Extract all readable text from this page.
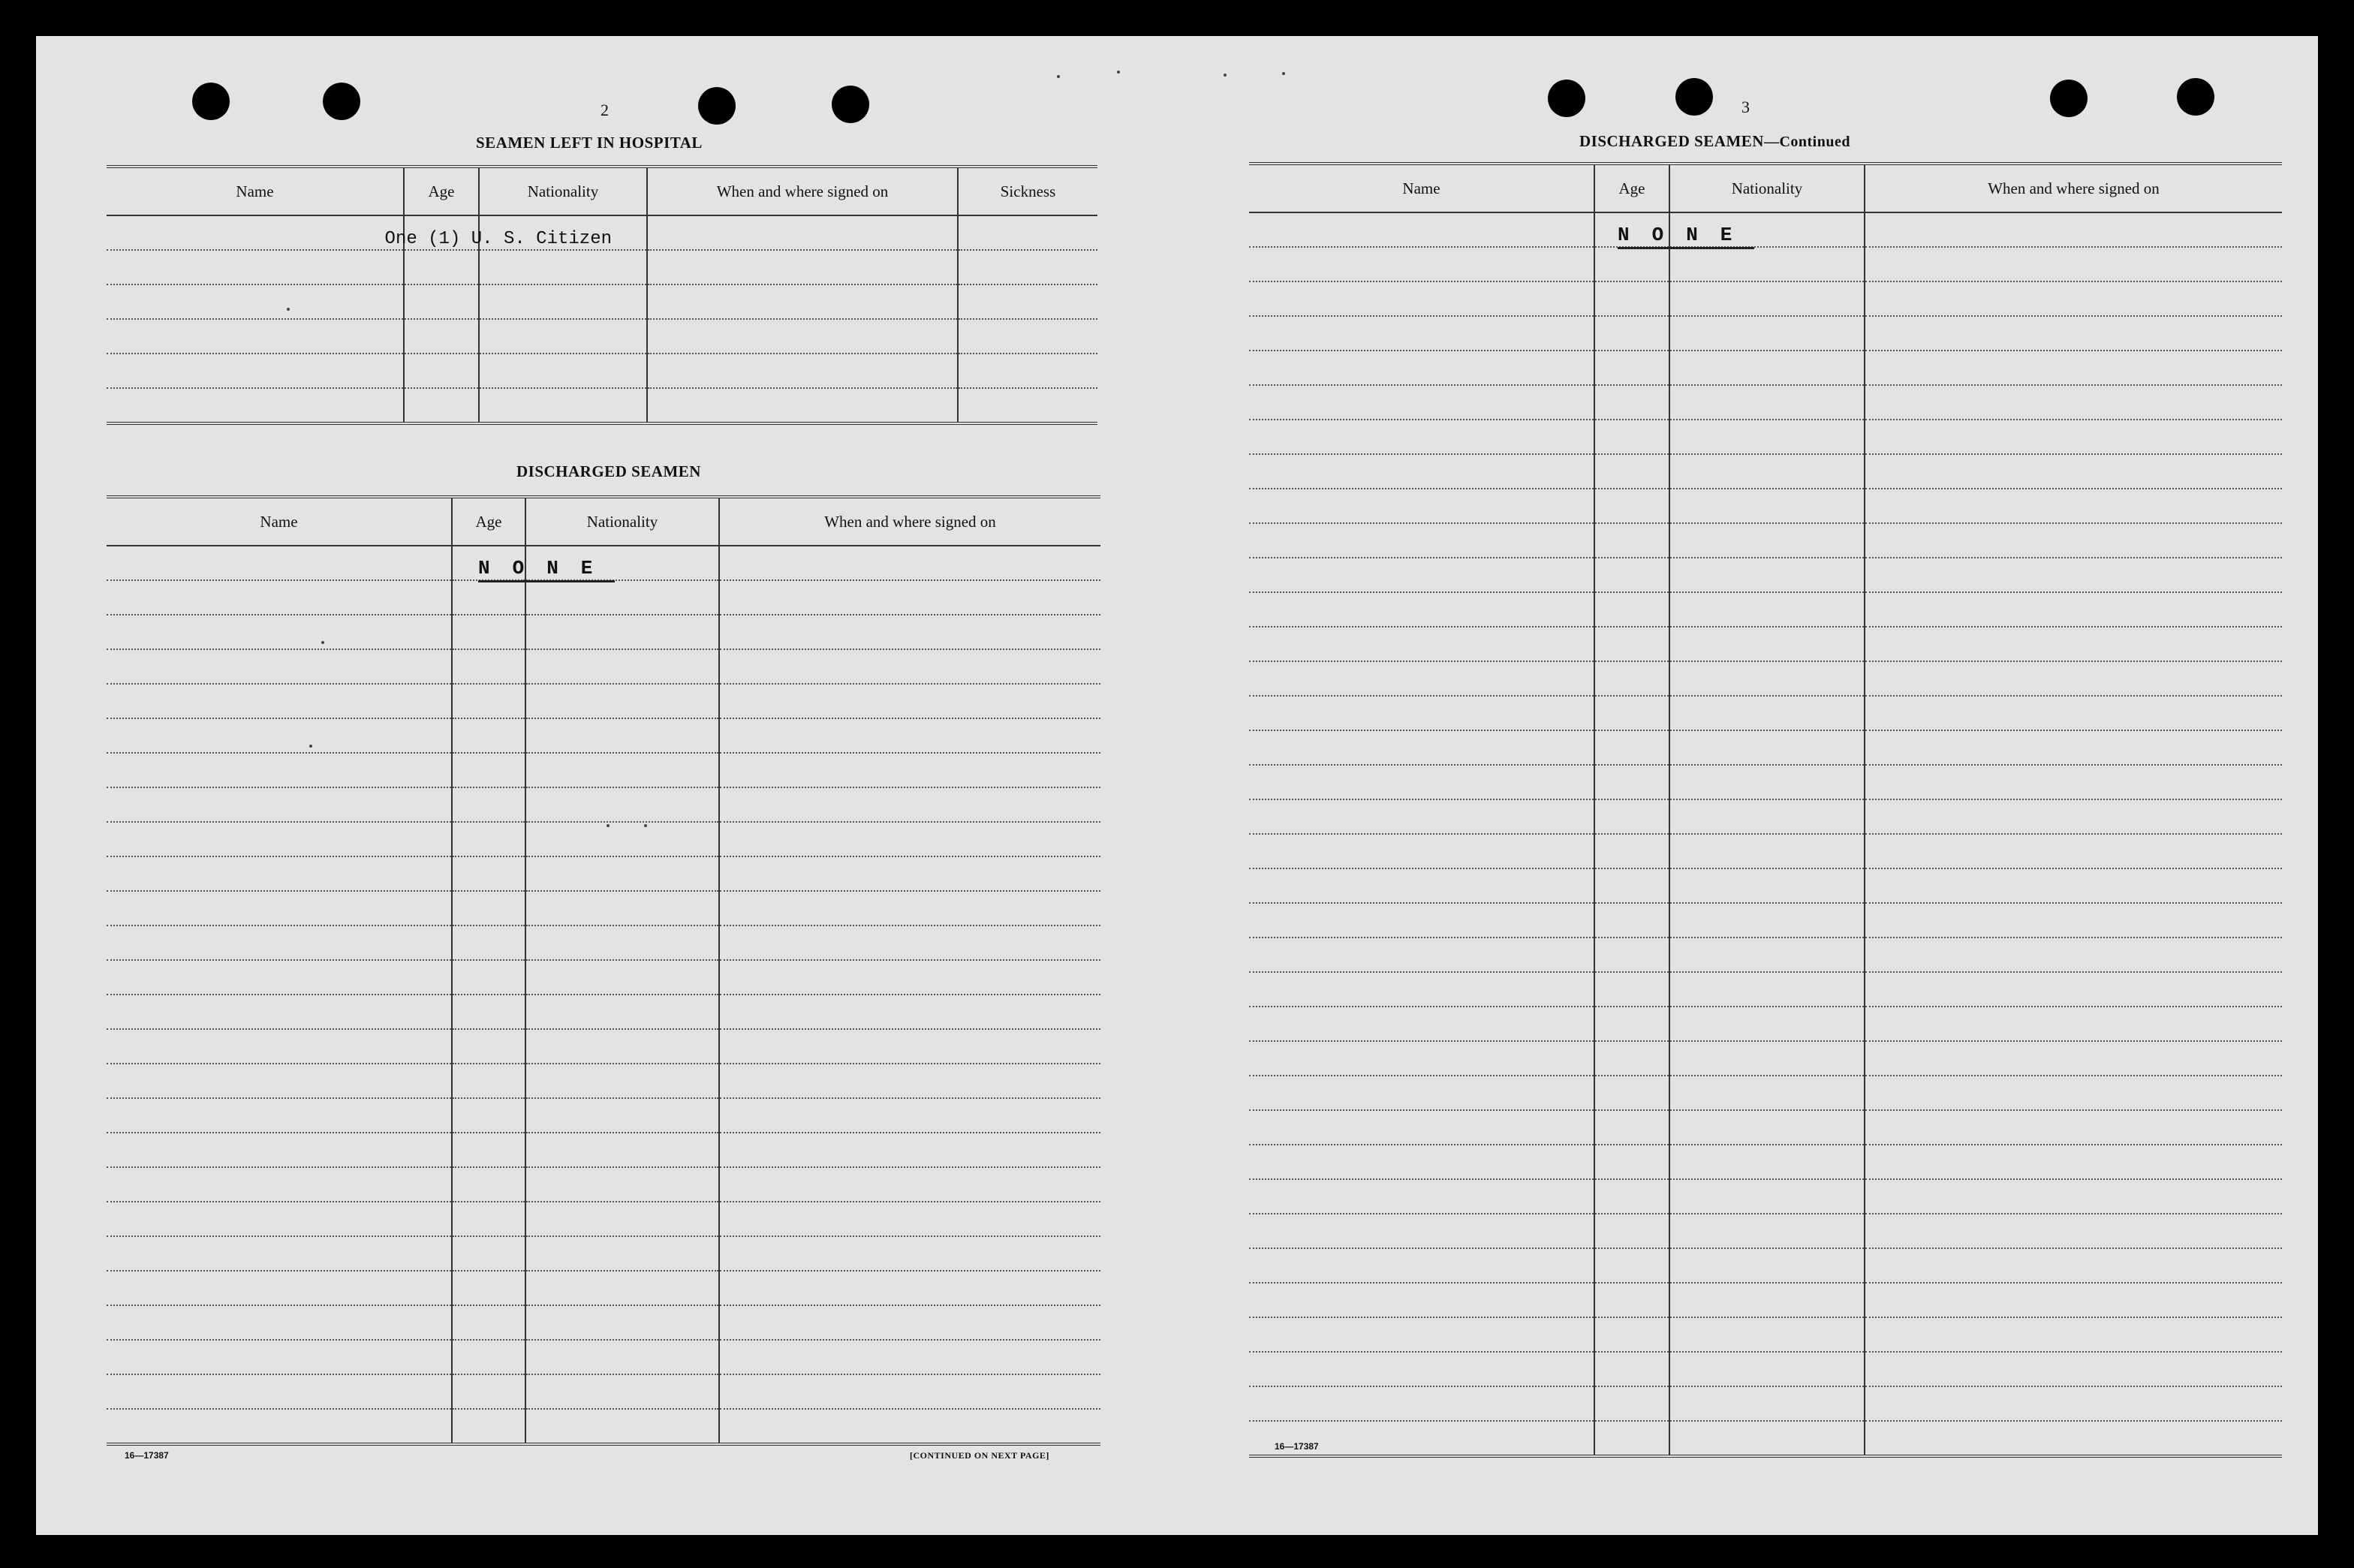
2
SEAMEN LEFT IN HOSPITAL
Name	Age	Nationality	When and where signed on	Sickness
One (1) U. S. Citizen				

DISCHARGED SEAMEN
Name	Age	Nationality	When and where signed on
	NONE		

16—17387	[CONTINUED ON NEXT PAGE]
3
DISCHARGED SEAMEN—Continued
Name	Age	Nationality	When and where signed on
	NONE		

16—17387
